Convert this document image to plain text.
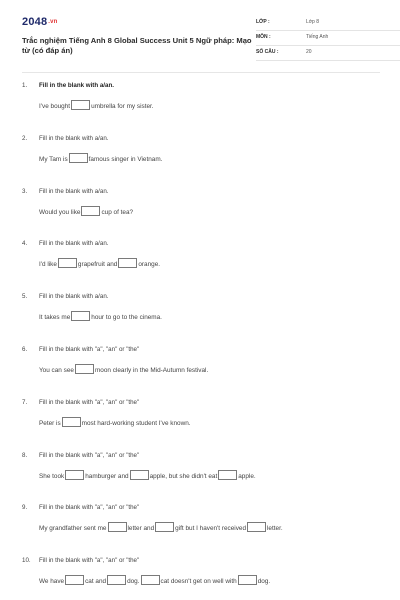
2048.vn
Trắc nghiệm Tiếng Anh 8 Global Success Unit 5 Ngữ pháp: Mạo từ (có đáp án)
LỚP :	Lớp 8
MÔN :	Tiếng Anh
SỐ CÂU :	20
1. Fill in the blank with a/an.
I've bought	umbrella for my sister.
2. Fill in the blank with a/an.
My Tam is	famous singer in Vietnam.
3. Fill in the blank with a/an.
Would you like	cup of tea?
4. Fill in the blank with a/an.
I'd like	grapefruit and	orange.
5. Fill in the blank with a/an.
It takes me	hour to go to the cinema.
6. Fill in the blank with "a", "an" or "the"
You can see	moon clearly in the Mid-Autumn festival.
7. Fill in the blank with "a", "an" or "the"
Peter is	most hard-working student I've known.
8. Fill in the blank with "a", "an" or "the"
She took	hamburger and	apple, but she didn't eat	apple.
9. Fill in the blank with "a", "an" or "the"
My grandfather sent me	letter and	gift but I haven't received	letter.
10. Fill in the blank with "a", "an" or "the"
We have	cat and	dog.	cat doesn't get on well with	dog.
